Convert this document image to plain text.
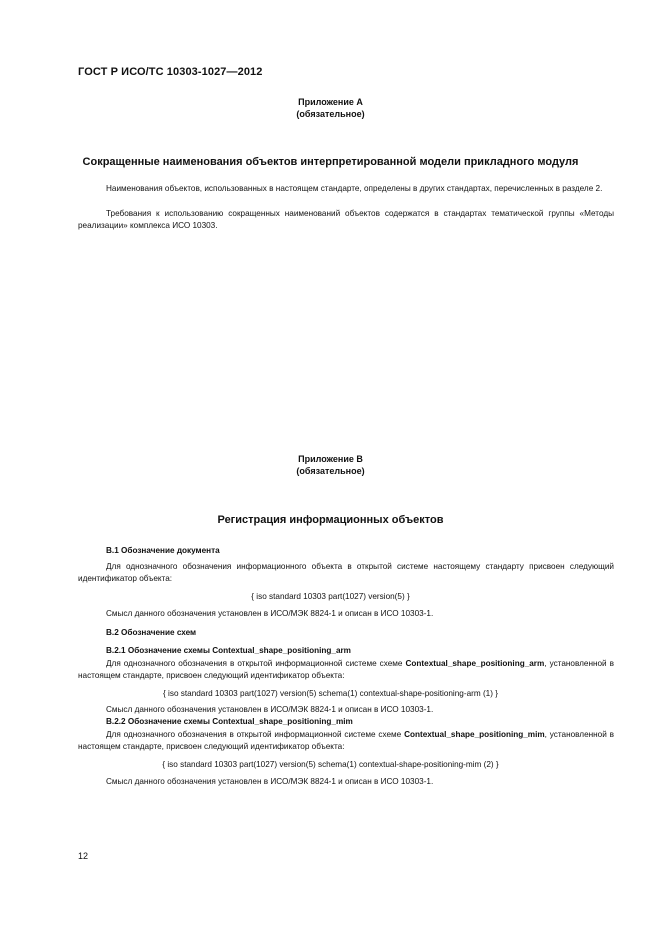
ГОСТ Р ИСО/ТС 10303-1027—2012
Приложение А
(обязательное)
Сокращенные наименования объектов интерпретированной модели прикладного модуля

Наименования объектов, использованных в настоящем стандарте, определены в других стандартах, перечисленных в разделе 2.

Требования к использованию сокращенных наименований объектов содержатся в стандартах тематической группы «Методы реализации» комплекса ИСО 10303.

Приложение В
(обязательное)
Регистрация информационных объектов
В.1 Обозначение документа

Для однозначного обозначения информационного объекта в открытой системе настоящему стандарту присвоен следующий идентификатор объекта:

{ iso standard 10303 part(1027) version(5) }

Смысл данного обозначения установлен в ИСО/МЭК 8824-1 и описан в ИСО 10303-1.

В.2 Обозначение схем
В.2.1 Обозначение схемы Contextual_shape_positioning_arm

Для однозначного обозначения в открытой информационной системе схеме Contextual_shape_positioning_arm, установленной в настоящем стандарте, присвоен следующий идентификатор объекта:

{ iso standard 10303 part(1027) version(5) schema(1) contextual-shape-positioning-arm (1) }

Смысл данного обозначения установлен в ИСО/МЭК 8824-1 и описан в ИСО 10303-1.

В.2.2 Обозначение схемы Contextual_shape_positioning_mim

Для однозначного обозначения в открытой информационной системе схеме Contextual_shape_positioning_mim, установленной в настоящем стандарте, присвоен следующий идентификатор объекта:

{ iso standard 10303 part(1027) version(5) schema(1) contextual-shape-positioning-mim (2) }

Смысл данного обозначения установлен в ИСО/МЭК 8824-1 и описан в ИСО 10303-1.

12
